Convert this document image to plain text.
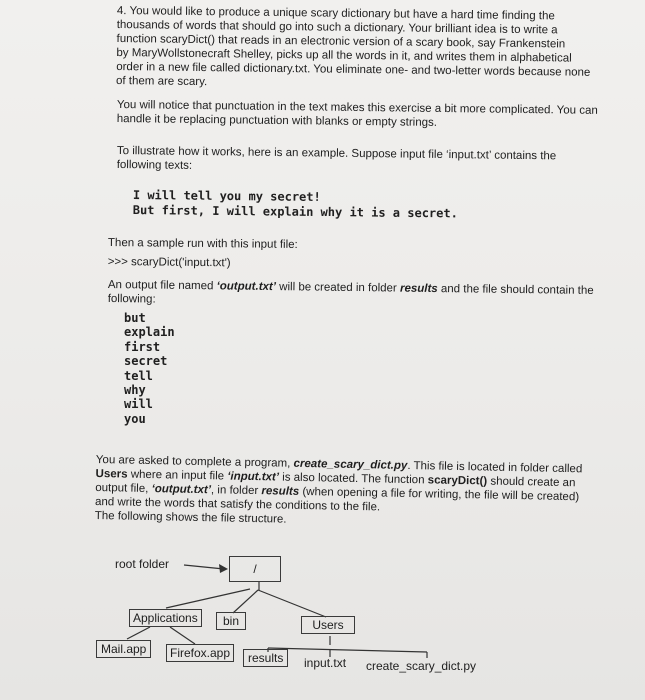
4. You would like to produce a unique scary dictionary but have a hard time finding the
thousands of words that should go into such a dictionary. Your brilliant idea is to write a
function scaryDict() that reads in an electronic version of a scary book, say Frankenstein
by MaryWollstonecraft Shelley, picks up all the words in it, and writes them in alphabetical
order in a new file called dictionary.txt. You eliminate one- and two-letter words because none
of them are scary.
You will notice that punctuation in the text makes this exercise a bit more complicated. You can
handle it be replacing punctuation with blanks or empty strings.
To illustrate how it works, here is an example. Suppose input file ‘input.txt’ contains the
following texts:
I will tell you my secret!
But first, I will explain why it is a secret.
Then a sample run with this input file:
>>> scaryDict('input.txt')
An output file named ‘output.txt’ will be created in folder results and the file should contain the
following:
but
explain
first
secret
tell
why
will
you
You are asked to complete a program, create_scary_dict.py. This file is located in folder called
Users where an input file ‘input.txt’ is also located. The function scaryDict() should create an
output file, ‘output.txt’, in folder results (when opening a file for writing, the file will be created)
and write the words that satisfy the conditions to the file.
The following shows the file structure.
root folder	/
Applications	bin	Users
Mail.app	Firefox.app	results	input.txt create_scary_dict.py
